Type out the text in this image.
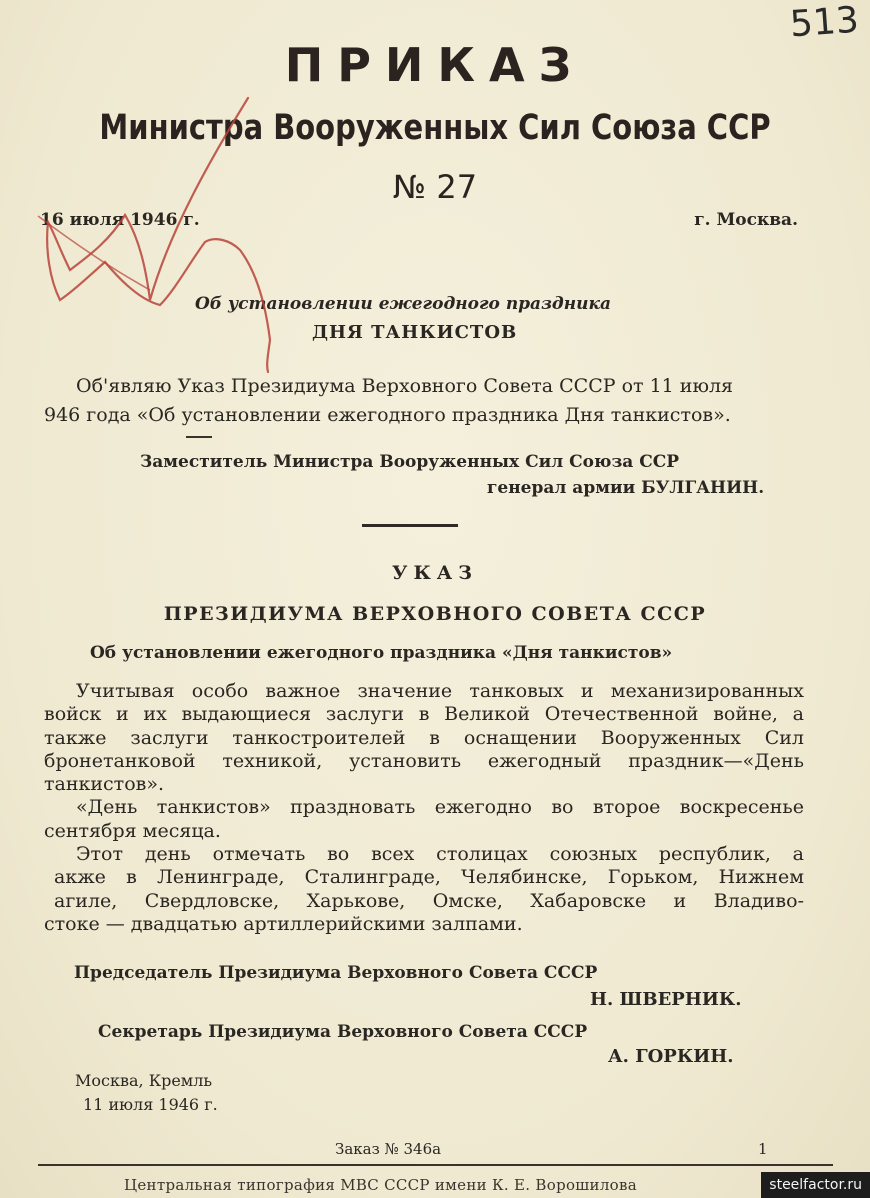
513
ПРИКАЗ
Министра Вооруженных Сил Союза ССР
№ 27
16 июля 1946 г.	г. Москва.
Об установлении ежегодного праздника
ДНЯ ТАНКИСТОВ
Об'являю Указ Президиума Верховного Совета СССР от 11 июля
946 года «Об установлении ежегодного праздника Дня танкистов».
Заместитель Министра Вооруженных Сил Союза ССР
генерал армии БУЛГАНИН.
УКАЗ
ПРЕЗИДИУМА ВЕРХОВНОГО СОВЕТА СССР
Об установлении ежегодного праздника «Дня танкистов»

Учитывая особо важное значение танковых и механизированных

войск и их выдающиеся заслуги в Великой Отечественной войне, а

также заслуги танкостроителей в оснащении Вооруженных Сил

бронетанковой техникой, установить ежегодный праздник—«День

танкистов».

«День танкистов» праздновать ежегодно во второе воскресенье

сентября месяца.

Этот день отмечать во всех столицах союзных республик, а

акже в Ленинграде, Сталинграде, Челябинске, Горьком, Нижнем

агиле, Свердловске, Харькове, Омске, Хабаровске и Владиво-

стоке — двадцатью артиллерийскими залпами.

Председатель Президиума Верховного Совета СССР
Н. ШВЕРНИК.
Секретарь Президиума Верховного Совета СССР
А. ГОРКИН.
Москва, Кремль
11 июля 1946 г.
Заказ № 346а	1
Центральная типография МВС СССР имени К. Е. Ворошилова	steelfactor.ru
